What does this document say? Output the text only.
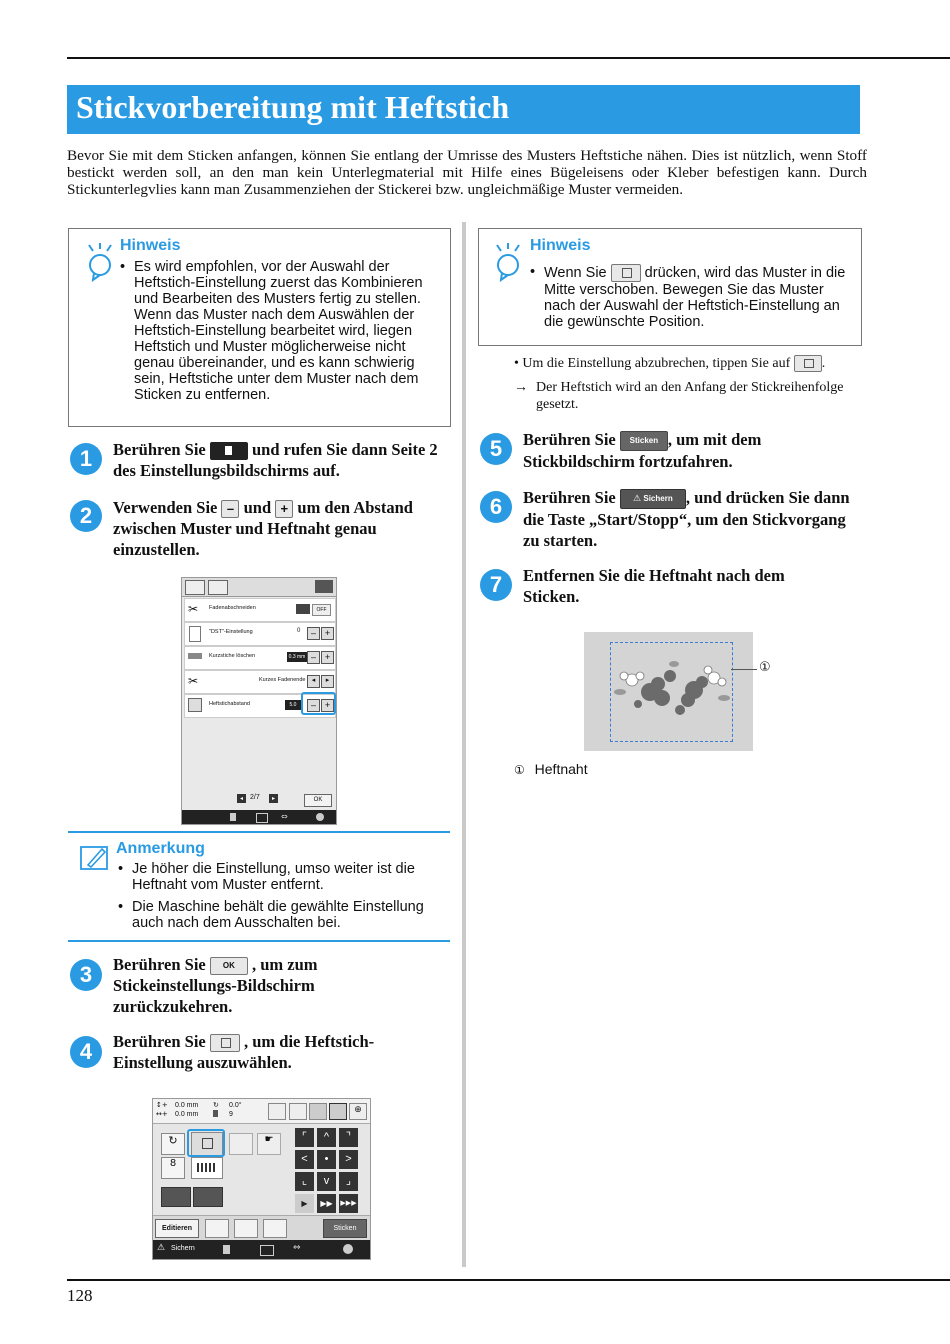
Stickvorbereitung mit Heftstich
Bevor Sie mit dem Sticken anfangen, können Sie entlang der Umrisse des Musters Heftstiche nähen. Dies ist nützlich, wenn Stoff bestickt werden soll, an den man kein Unterlegmaterial mit Hilfe eines Bügeleisens oder Kleber befestigen kann. Durch Stickunterlegvlies kann man Zusammenziehen der Stickerei bzw. ungleichmäßige Muster vermeiden.
Hinweis
• Es wird empfohlen, vor der Auswahl der Heftstich-Einstellung zuerst das Kombinieren und Bearbeiten des Musters fertig zu stellen. Wenn das Muster nach dem Auswählen der Heftstich-Einstellung bearbeitet wird, liegen Heftstich und Muster möglicherweise nicht genau übereinander, und es kann schwierig sein, Heftstiche unter dem Muster nach dem Sticken zu entfernen.
1	Berühren Sie	und rufen Sie dann Seite 2 des Einstellungsbildschirms auf.
2	Verwenden Sie – und + um den Abstand zwischen Muster und Heftnaht genau einzustellen.
✂ Fadenabschneiden	OFF
"DST"-Einstellung	0	– +
Kurzstiche löschen	0.3 mm – +
✂	Kurzes Fadenende ◂	▸
Heftstichabstand	5.0	– +
◂	2/7	▸	OK
⇔
Anmerkung
• Je höher die Einstellung, umso weiter ist die Heftnaht vom Muster entfernt.
• Die Maschine behält die gewählte Einstellung auch nach dem Ausschalten bei.
3	Berühren Sie OK , um zum Stickeinstellungs-Bildschirm zurückzukehren.
4	Berühren Sie , um die Heftstich-Einstellung auszuwählen.
↕+ 0.0 mm
↔+ 0.0 mm
↻ 0.0°
9
⊕
↻	☛
8
⌜	^	⌝
<	•	>
⌞	v	⌟
▶	▶▶	▶▶▶
Editieren	Sticken
⚠ Sichern	⇔
Hinweis
• Wenn Sie	drücken, wird das Muster in die Mitte verschoben. Bewegen Sie das Muster nach der Auswahl der Heftstich-Einstellung an die gewünschte Position.
• Um die Einstellung abzubrechen, tippen Sie auf .
→ Der Heftstich wird an den Anfang der Stickreihenfolge gesetzt.
5	Berühren Sie Sticken , um mit dem Stickbildschirm fortzufahren.
6	Berühren Sie ⚠ Sichern , und drücken Sie dann die Taste „Start/Stopp“, um den Stickvorgang zu starten.
7	Entfernen Sie die Heftnaht nach dem Sticken.
①
① Heftnaht
128
